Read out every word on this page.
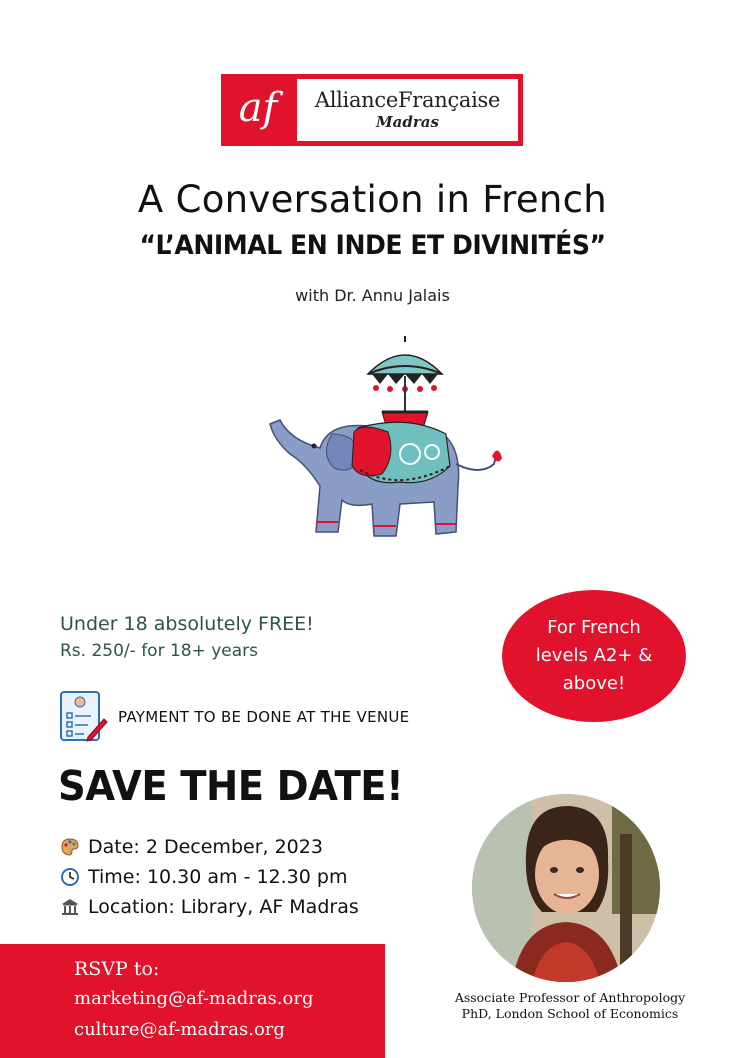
af	AllianceFrançaise
Madras
A Conversation in French
“L’ANIMAL EN INDE ET DIVINITÉS”
with Dr. Annu Jalais
Under 18 absolutely FREE!
Rs. 250/- for 18+ years
For French levels A2+ & above!
PAYMENT TO BE DONE AT THE VENUE
SAVE THE DATE!
Date: 2 December, 2023
Time: 10.30 am - 12.30 pm
Location: Library, AF Madras
RSVP to:
marketing@af-madras.org
culture@af-madras.org
Associate Professor of Anthropology
PhD, London School of Economics
